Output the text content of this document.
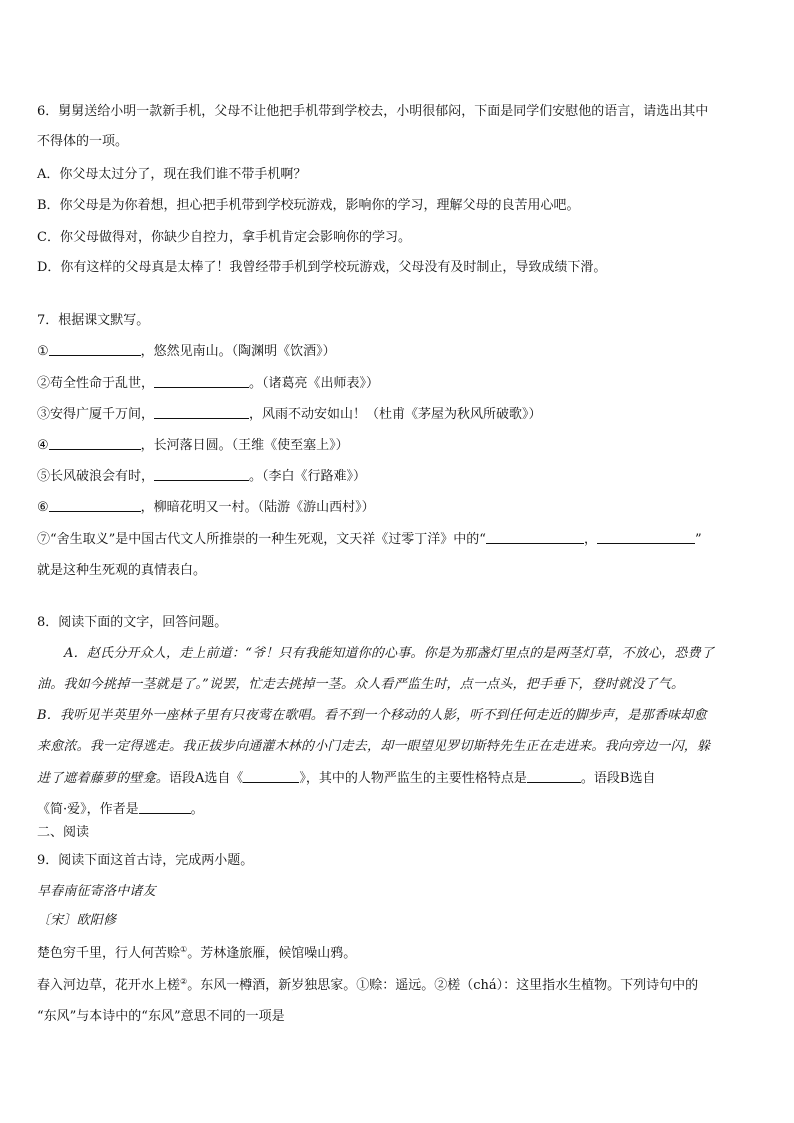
6．舅舅送给小明一款新手机，父母不让他把手机带到学校去，小明很郁闷，下面是同学们安慰他的语言，请选出其中
不得体的一项。
A．你父母太过分了，现在我们谁不带手机啊？
B．你父母是为你着想，担心把手机带到学校玩游戏，影响你的学习，理解父母的良苦用心吧。
C．你父母做得对，你缺少自控力，拿手机肯定会影响你的学习。
D．你有这样的父母真是太棒了！我曾经带手机到学校玩游戏，父母没有及时制止，导致成绩下滑。
7．根据课文默写。
①	，悠然见南山。（陶渊明《饮酒》）
②苟全性命于乱世，	。（诸葛亮《出师表》）
③安得广厦千万间，	，风雨不动安如山！（杜甫《茅屋为秋风所破歌》）
④	，长河落日圆。（王维《使至塞上》）
⑤长风破浪会有时，	。（李白《行路难》）
⑥	，柳暗花明又一村。（陆游《游山西村》）
⑦“舍生取义”是中国古代文人所推崇的一种生死观，文天祥《过零丁洋》中的“	，	”
就是这种生死观的真情表白。
8．阅读下面的文字，回答问题。
A．赵氏分开众人，走上前道：“爷！只有我能知道你的心事。你是为那盏灯里点的是两茎灯草，不放心，恐费了
油。我如今挑掉一茎就是了。”说罢，忙走去挑掉一茎。众人看严监生时，点一点头，把手垂下，登时就没了气。
B．我听见半英里外一座林子里有只夜莺在歌唱。看不到一个移动的人影，听不到任何走近的脚步声，是那香味却愈
来愈浓。我一定得逃走。我正拔步向通灌木林的小门走去，却一眼望见罗切斯特先生正在走进来。我向旁边一闪，躲
进了遮着藤萝的壁龛。语段A选自《	》，其中的人物严监生的主要性格特点是	。语段B选自
《简·爱》，作者是	。
二、阅读
9．阅读下面这首古诗，完成两小题。
早春南征寄洛中诸友
〔宋〕欧阳修
楚色穷千里，行人何苦赊①。芳林逢旅雁，候馆噪山鸦。
春入河边草，花开水上槎②。东风一樽酒，新岁独思家。①赊：遥远。②槎（chá）：这里指水生植物。下列诗句中的
“东风”与本诗中的“东风”意思不同的一项是
